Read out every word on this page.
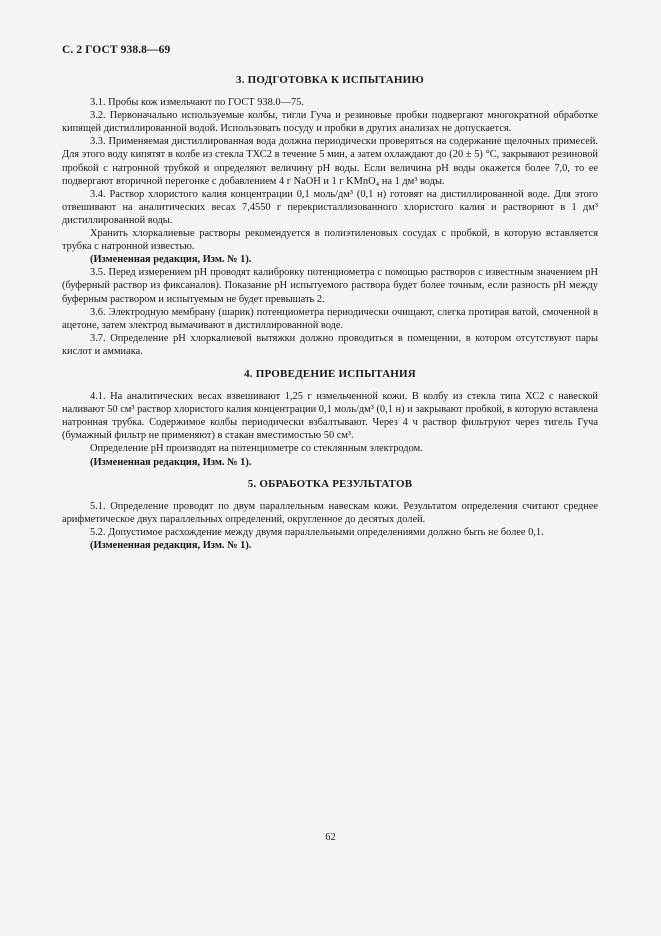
С. 2 ГОСТ 938.8—69
3. ПОДГОТОВКА К ИСПЫТАНИЮ

3.1. Пробы кож измельчают по ГОСТ 938.0—75.

3.2. Первоначально используемые колбы, тигли Гуча и резиновые пробки подвергают многократной обработке кипящей дистиллированной водой. Использовать посуду и пробки в других анализах не допускается.

3.3. Применяемая дистиллированная вода должна периодически проверяться на содержание щелочных примесей. Для этого воду кипятят в колбе из стекла ТХС2 в течение 5 мин, а затем охлаждают до (20 ± 5) °С, закрывают резиновой пробкой с натронной трубкой и определяют величину рН воды. Если величина рН воды окажется более 7,0, то ее подвергают вторичной перегонке с добавлением 4 г NaOH и 1 г KMnO₄ на 1 дм³ воды.

3.4. Раствор хлористого калия концентрации 0,1 моль/дм³ (0,1 н) готовят на дистиллированной воде. Для этого отвешивают на аналитических весах 7,4550 г перекристаллизованного хлористого калия и растворяют в 1 дм³ дистиллированной воды.

Хранить хлоркалиевые растворы рекомендуется в полиэтиленовых сосудах с пробкой, в которую вставляется трубка с натронной известью.

(Измененная редакция, Изм. № 1).

3.5. Перед измерением рН проводят калибровку потенциометра с помощью растворов с известным значением рН (буферный раствор из фиксаналов). Показание рН испытуемого раствора будет более точным, если разность рН между буферным раствором и испытуемым не будет превышать 2.

3.6. Электродную мембрану (шарик) потенциометра периодически очищают, слегка протирая ватой, смоченной в ацетоне, затем электрод вымачивают в дистиллированной воде.

3.7. Определение рН хлоркалиевой вытяжки должно проводиться в помещении, в котором отсутствуют пары кислот и аммиака.

4. ПРОВЕДЕНИЕ ИСПЫТАНИЯ

4.1. На аналитических весах взвешивают 1,25 г измельченной кожи. В колбу из стекла типа ХС2 с навеской наливают 50 см³ раствор хлористого калия концентрации 0,1 моль/дм³ (0,1 н) и закрывают пробкой, в которую вставлена натронная трубка. Содержимое колбы периодически взбалтывают. Через 4 ч раствор фильтруют через тигель Гуча (бумажный фильтр не применяют) в стакан вместимостью 50 см³.

Определение рН производят на потенциометре со стеклянным электродом.

(Измененная редакция, Изм. № 1).

5. ОБРАБОТКА РЕЗУЛЬТАТОВ

5.1. Определение проводят по двум параллельным навескам кожи. Результатом определения считают среднее арифметическое двух параллельных определений, округленное до десятых долей.

5.2. Допустимое расхождение между двумя параллельными определениями должно быть не более 0,1.

(Измененная редакция, Изм. № 1).

62
